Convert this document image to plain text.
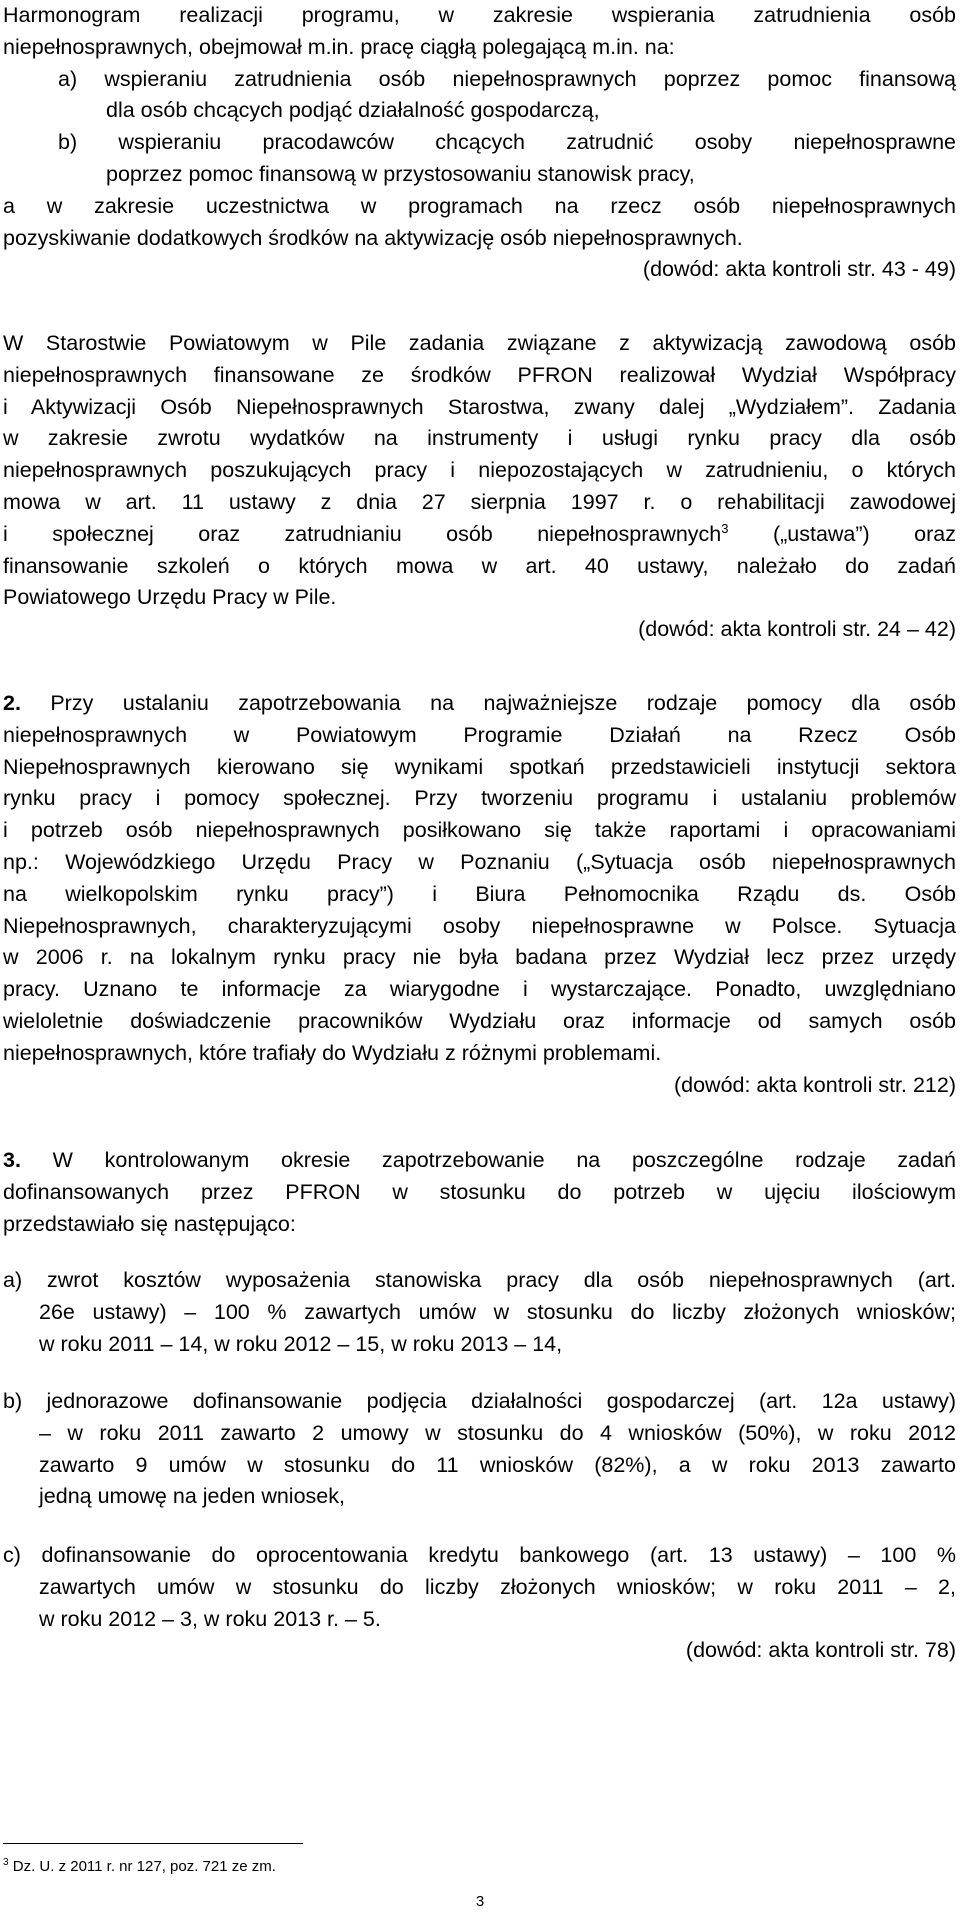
Harmonogram realizacji programu, w zakresie wspierania zatrudnienia osób
niepełnosprawnych, obejmował m.in. pracę ciągłą polegającą m.in. na:
a) wspieraniu zatrudnienia osób niepełnosprawnych poprzez pomoc finansową
dla osób chcących podjąć działalność gospodarczą,
b) wspieraniu pracodawców chcących zatrudnić osoby niepełnosprawne
poprzez pomoc finansową w przystosowaniu stanowisk pracy,
a w zakresie uczestnictwa w programach na rzecz osób niepełnosprawnych
pozyskiwanie dodatkowych środków na aktywizację osób niepełnosprawnych.
(dowód: akta kontroli str. 43 - 49)
W Starostwie Powiatowym w Pile zadania związane z aktywizacją zawodową osób
niepełnosprawnych finansowane ze środków PFRON realizował Wydział Współpracy
i Aktywizacji Osób Niepełnosprawnych Starostwa, zwany dalej „Wydziałem”. Zadania
w zakresie zwrotu wydatków na instrumenty i usługi rynku pracy dla osób
niepełnosprawnych poszukujących pracy i niepozostających w zatrudnieniu, o których
mowa w art. 11 ustawy z dnia 27 sierpnia 1997 r. o rehabilitacji zawodowej
i społecznej oraz zatrudnianiu osób niepełnosprawnych$^3$ („ustawa”) oraz
finansowanie szkoleń o których mowa w art. 40 ustawy, należało do zadań
Powiatowego Urzędu Pracy w Pile.
(dowód: akta kontroli str. 24 – 42)
2. Przy ustalaniu zapotrzebowania na najważniejsze rodzaje pomocy dla osób
niepełnosprawnych w Powiatowym Programie Działań na Rzecz Osób
Niepełnosprawnych kierowano się wynikami spotkań przedstawicieli instytucji sektora
rynku pracy i pomocy społecznej. Przy tworzeniu programu i ustalaniu problemów
i potrzeb osób niepełnosprawnych posiłkowano się także raportami i opracowaniami
np.: Wojewódzkiego Urzędu Pracy w Poznaniu („Sytuacja osób niepełnosprawnych
na wielkopolskim rynku pracy”) i Biura Pełnomocnika Rządu ds. Osób
Niepełnosprawnych, charakteryzującymi osoby niepełnosprawne w Polsce. Sytuacja
w 2006 r. na lokalnym rynku pracy nie była badana przez Wydział lecz przez urzędy
pracy. Uznano te informacje za wiarygodne i wystarczające. Ponadto, uwzględniano
wieloletnie doświadczenie pracowników Wydziału oraz informacje od samych osób
niepełnosprawnych, które trafiały do Wydziału z różnymi problemami.
(dowód: akta kontroli str. 212)
3. W kontrolowanym okresie zapotrzebowanie na poszczególne rodzaje zadań
dofinansowanych przez PFRON w stosunku do potrzeb w ujęciu ilościowym
przedstawiało się następująco:
a) zwrot kosztów wyposażenia stanowiska pracy dla osób niepełnosprawnych (art.
26e ustawy) – 100 % zawartych umów w stosunku do liczby złożonych wniosków;
w roku 2011 – 14, w roku 2012 – 15, w roku 2013 – 14,
b) jednorazowe dofinansowanie podjęcia działalności gospodarczej (art. 12a ustawy)
– w roku 2011 zawarto 2 umowy w stosunku do 4 wniosków (50%), w roku 2012
zawarto 9 umów w stosunku do 11 wniosków (82%), a w roku 2013 zawarto
jedną umowę na jeden wniosek,
c) dofinansowanie do oprocentowania kredytu bankowego (art. 13 ustawy) – 100 %
zawartych umów w stosunku do liczby złożonych wniosków; w roku 2011 – 2,
w roku 2012 – 3, w roku 2013 r. – 5.
(dowód: akta kontroli str. 78)
$^3$ Dz. U. z 2011 r. nr 127, poz. 721 ze zm.
3
